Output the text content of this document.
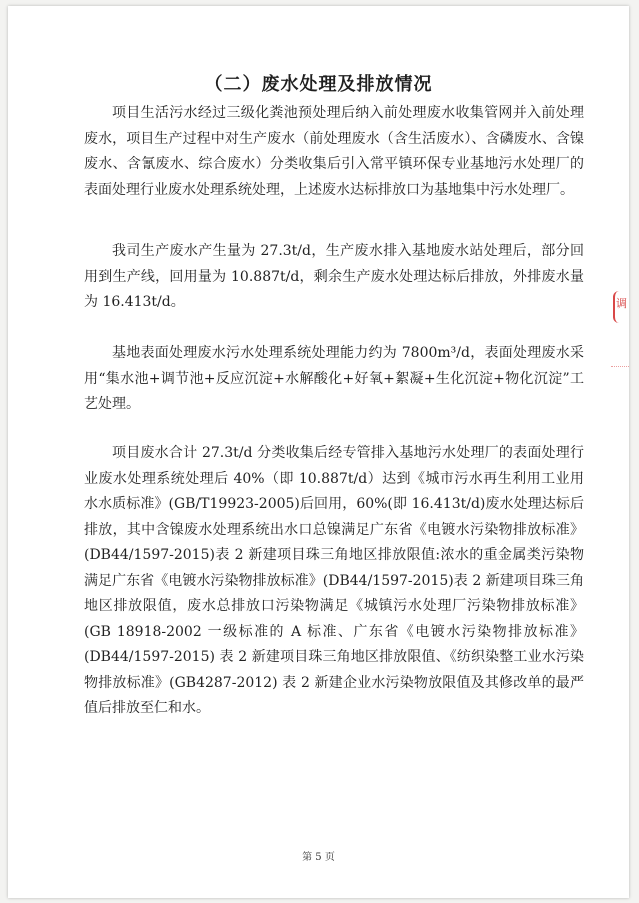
（二）废水处理及排放情况

项目生活污水经过三级化粪池预处理后纳入前处理废水收集管网并入前处理废水，项目生产过程中对生产废水（前处理废水（含生活废水）、含磷废水、含镍废水、含氰废水、综合废水）分类收集后引入常平镇环保专业基地污水处理厂的表面处理行业废水处理系统处理，上述废水达标排放口为基地集中污水处理厂。

我司生产废水产生量为 27.3t/d，生产废水排入基地废水站处理后，部分回用到生产线，回用量为 10.887t/d，剩余生产废水处理达标后排放，外排废水量为 16.413t/d。

基地表面处理废水污水处理系统处理能力约为 7800m³/d，表面处理废水采用“集水池+调节池+反应沉淀+水解酸化+好氧+絮凝+生化沉淀+物化沉淀”工艺处理。

项目废水合计 27.3t/d 分类收集后经专管排入基地污水处理厂的表面处理行业废水处理系统处理后 40%（即 10.887t/d）达到《城市污水再生利用工业用水水质标准》(GB/T19923-2005)后回用，60%(即 16.413t/d)废水处理达标后排放，其中含镍废水处理系统出水口总镍满足广东省《电镀水污染物排放标准》(DB44/1597-2015)表 2 新建项目珠三角地区排放限值:浓水的重金属类污染物满足广东省《电镀水污染物排放标准》(DB44/1597-2015)表 2 新建项目珠三角地区排放限值，废水总排放口污染物满足《城镇污水处理厂污染物排放标准》(GB 18918-2002 一级标准的 A 标准、广东省《电镀水污染物排放标准》(DB44/1597-2015) 表 2 新建项目珠三角地区排放限值、《纺织染整工业水污染物排放标准》(GB4287-2012) 表 2 新建企业水污染物放限值及其修改单的最严值后排放至仁和水。

第 5 页
调
